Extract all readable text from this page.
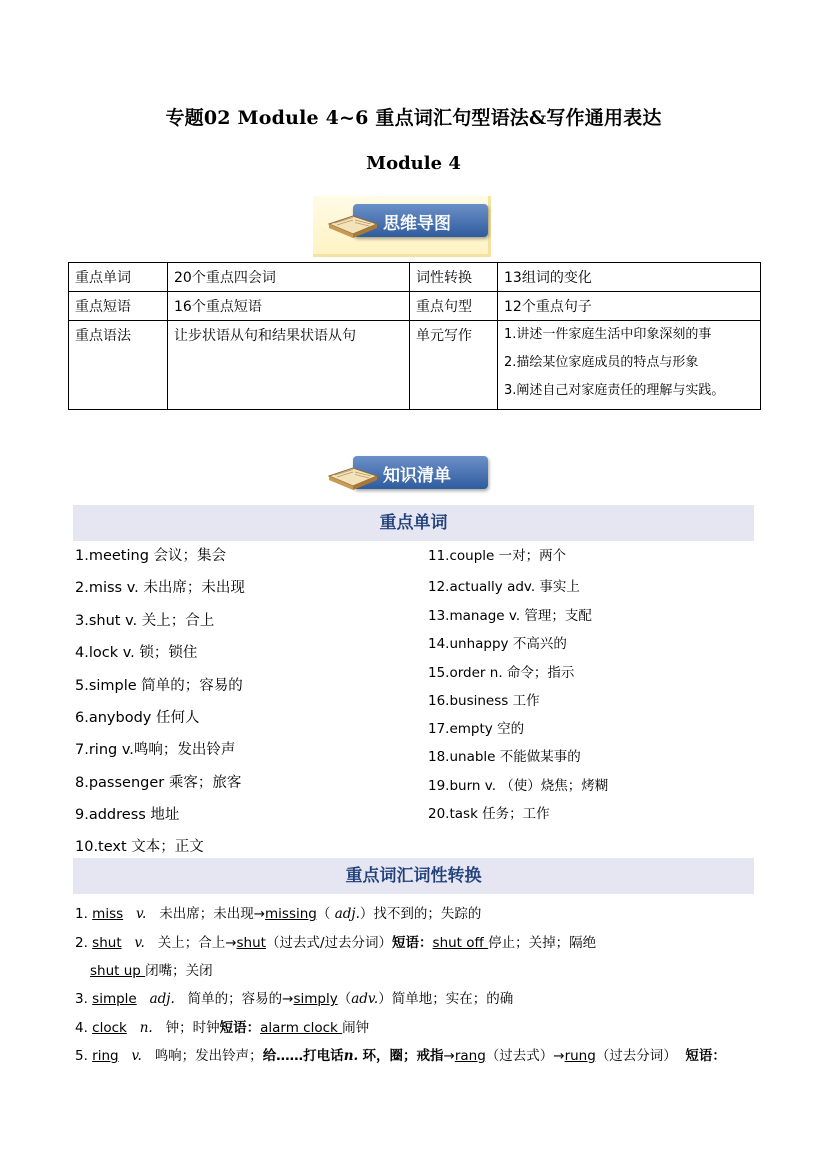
专题02 Module 4~6 重点词汇句型语法&写作通用表达
Module 4
思维导图
重点单词	20个重点四会词	词性转换	13组词的变化
重点短语	16个重点短语	重点句型	12个重点句子
重点语法	让步状语从句和结果状语从句	单元写作	1.讲述一件家庭生活中印象深刻的事
2.描绘某位家庭成员的特点与形象
3.阐述自己对家庭责任的理解与实践。
知识清单
重点单词
1.meeting 会议；集会
2.miss v. 未出席；未出现
3.shut v. 关上；合上
4.lock v. 锁；锁住
5.simple 简单的；容易的
6.anybody 任何人
7.ring v.鸣响；发出铃声
8.passenger 乘客；旅客
9.address 地址
10.text 文本；正文
11.couple 一对；两个
12.actually adv. 事实上
13.manage v. 管理；支配
14.unhappy 不高兴的
15.order n. 命令；指示
16.business 工作
17.empty 空的
18.unable 不能做某事的
19.burn v. （使）烧焦；烤糊
20.task 任务；工作
重点词汇词性转换
1. miss v. 未出席；未出现→missing（ adj.）找不到的；失踪的
2. shut v. 关上；合上→shut（过去式/过去分词）短语：shut off 停止；关掉；隔绝
shut up 闭嘴；关闭
3. simple adj. 简单的；容易的→simply（adv.）简单地；实在；的确
4. clock n. 钟；时钟短语：alarm clock 闹钟
5. ring v. 鸣响；发出铃声；给……打电话n. 环，圈；戒指→rang（过去式）→rung（过去分词） 短语：
